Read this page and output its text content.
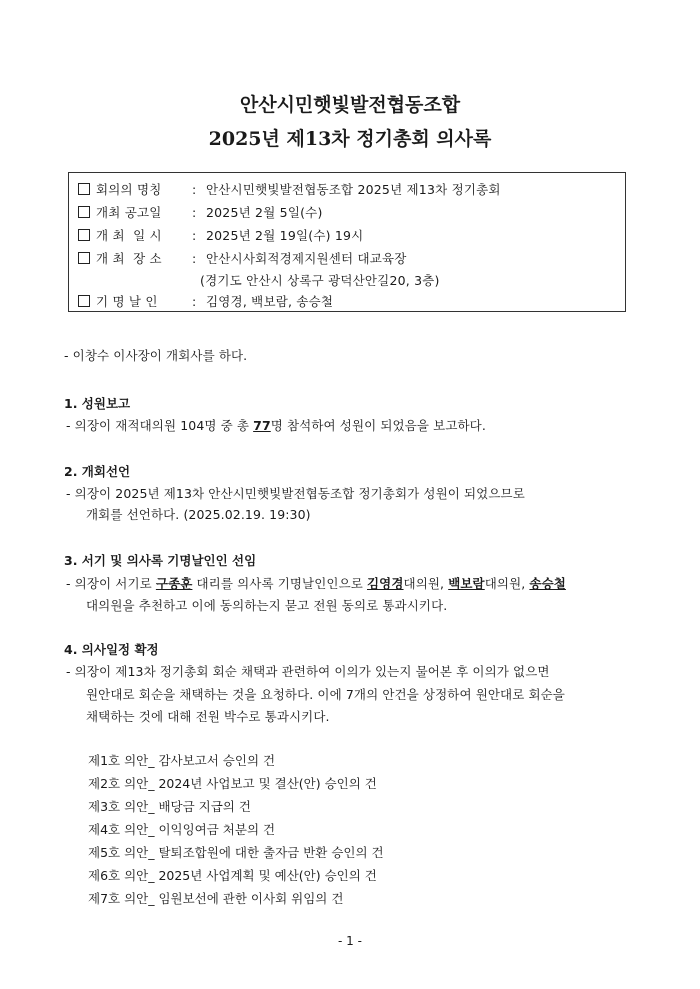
안산시민햇빛발전협동조합
2025년 제13차 정기총회 의사록
회의의 명칭 : 안산시민햇빛발전협동조합 2025년 제13차 정기총회
개최 공고일 : 2025년 2월 5일(수)
개 최  일 시 : 2025년 2월 19일(수) 19시
개 최  장 소 : 안산시사회적경제지원센터 대교육장
(경기도 안산시 상록구 광덕산안길20, 3층)
기 명 날 인	: 김영경, 백보람, 송승철
- 이창수 이사장이 개회사를 하다.
1. 성원보고
- 의장이 재적대의원 104명 중 총 77명 참석하여 성원이 되었음을 보고하다.
2. 개회선언
- 의장이 2025년 제13차 안산시민햇빛발전협동조합 정기총회가 성원이 되었으므로
개회를 선언하다. (2025.02.19. 19:30)
3. 서기 및 의사록 기명날인인 선임
- 의장이 서기로 구종훈 대리를 의사록 기명날인인으로 김영경대의원, 백보람대의원, 송승철
대의원을 추천하고 이에 동의하는지 묻고 전원 동의로 통과시키다.
4. 의사일정 확정
- 의장이 제13차 정기총회 회순 채택과 관련하여 이의가 있는지 물어본 후 이의가 없으면
원안대로 회순을 채택하는 것을 요청하다. 이에 7개의 안건을 상정하여 원안대로 회순을
채택하는 것에 대해 전원 박수로 통과시키다.
제1호 의안_ 감사보고서 승인의 건
제2호 의안_ 2024년 사업보고 및 결산(안) 승인의 건
제3호 의안_ 배당금 지급의 건
제4호 의안_ 이익잉여금 처분의 건
제5호 의안_ 탈퇴조합원에 대한 출자금 반환 승인의 건
제6호 의안_ 2025년 사업계획 및 예산(안) 승인의 건
제7호 의안_ 임원보선에 관한 이사회 위임의 건
- 1 -
